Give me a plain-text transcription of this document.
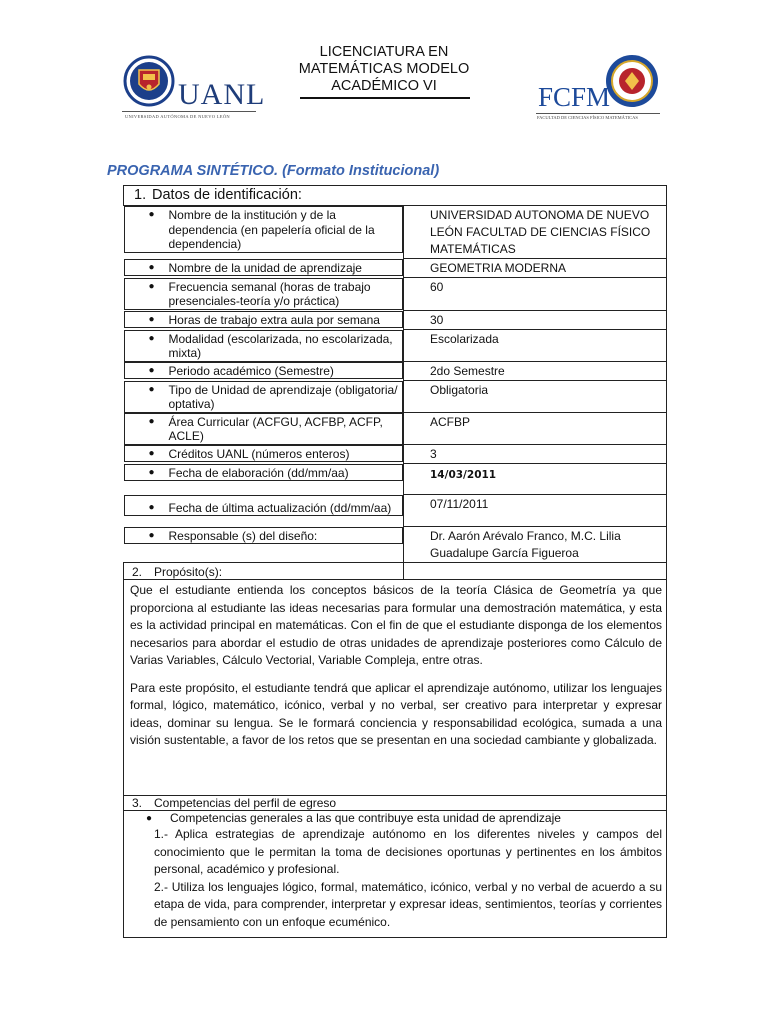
UANL
UNIVERSIDAD AUTÓNOMA DE NUEVO LEÓN
LICENCIATURA EN
MATEMÁTICAS MODELO
ACADÉMICO VI	FCFM
FACULTAD DE CIENCIAS FÍSICO MATEMÁTICAS
PROGRAMA SINTÉTICO. (Formato Institucional)
1. Datos de identificación:	

●	Nombre de la institución y de la dependencia (en papelería oficial de la dependencia)
UNIVERSIDAD AUTONOMA DE NUEVO LEÓN FACULTAD DE CIENCIAS FÍSICO MATEMÁTICAS

●	Nombre de la unidad de aprendizaje	GEOMETRIA MODERNA

●	Frecuencia semanal (horas de trabajo presenciales-teoría y/o práctica)
60

●	Horas de trabajo extra aula por semana	30

●	Modalidad (escolarizada, no escolarizada, mixta)
Escolarizada

●	Periodo académico (Semestre)	2do Semestre

●	Tipo de Unidad de aprendizaje (obligatoria/ optativa)
Obligatoria

●	Área Curricular (ACFGU, ACFBP, ACFP, ACLE)
ACFBP

●	Créditos UANL (números enteros)	3

●	Fecha de elaboración (dd/mm/aa)	14/03/2011

●	Fecha de última actualización (dd/mm/aa)	07/11/2011

●	Responsable (s) del diseño:	Dr. Aarón Arévalo Franco, M.C. Lilia Guadalupe García Figueroa
2. Propósito(s):	

Que el estudiante entienda los conceptos básicos de la teoría Clásica de Geometría ya que proporciona al estudiante las ideas necesarias para formular una demostración matemática, y esta es la actividad principal en matemáticas. Con el fin de que el estudiante disponga de los elementos necesarios para abordar el estudio de otras unidades de aprendizaje posteriores como Cálculo de Varias Variables, Cálculo Vectorial, Variable Compleja, entre otras.

Para este propósito, el estudiante tendrá que aplicar el aprendizaje autónomo, utilizar los lenguajes formal, lógico, matemático, icónico, verbal y no verbal, ser creativo para interpretar y expresar ideas, dominar su lengua. Se le formará conciencia y responsabilidad ecológica, sumada a una visión sustentable, a favor de los retos que se presentan en una sociedad cambiante y globalizada.	

3. Competencias del perfil de egreso	

● Competencias generales a las que contribuye esta unidad de aprendizaje
1.- Aplica estrategias de aprendizaje autónomo en los diferentes niveles y campos del conocimiento que le permitan la toma de decisiones oportunas y pertinentes en los ámbitos personal, académico y profesional.
2.- Utiliza los lenguajes lógico, formal, matemático, icónico, verbal y no verbal de acuerdo a su etapa de vida, para comprender, interpretar y expresar ideas, sentimientos, teorías y corrientes de pensamiento con un enfoque ecuménico.	
